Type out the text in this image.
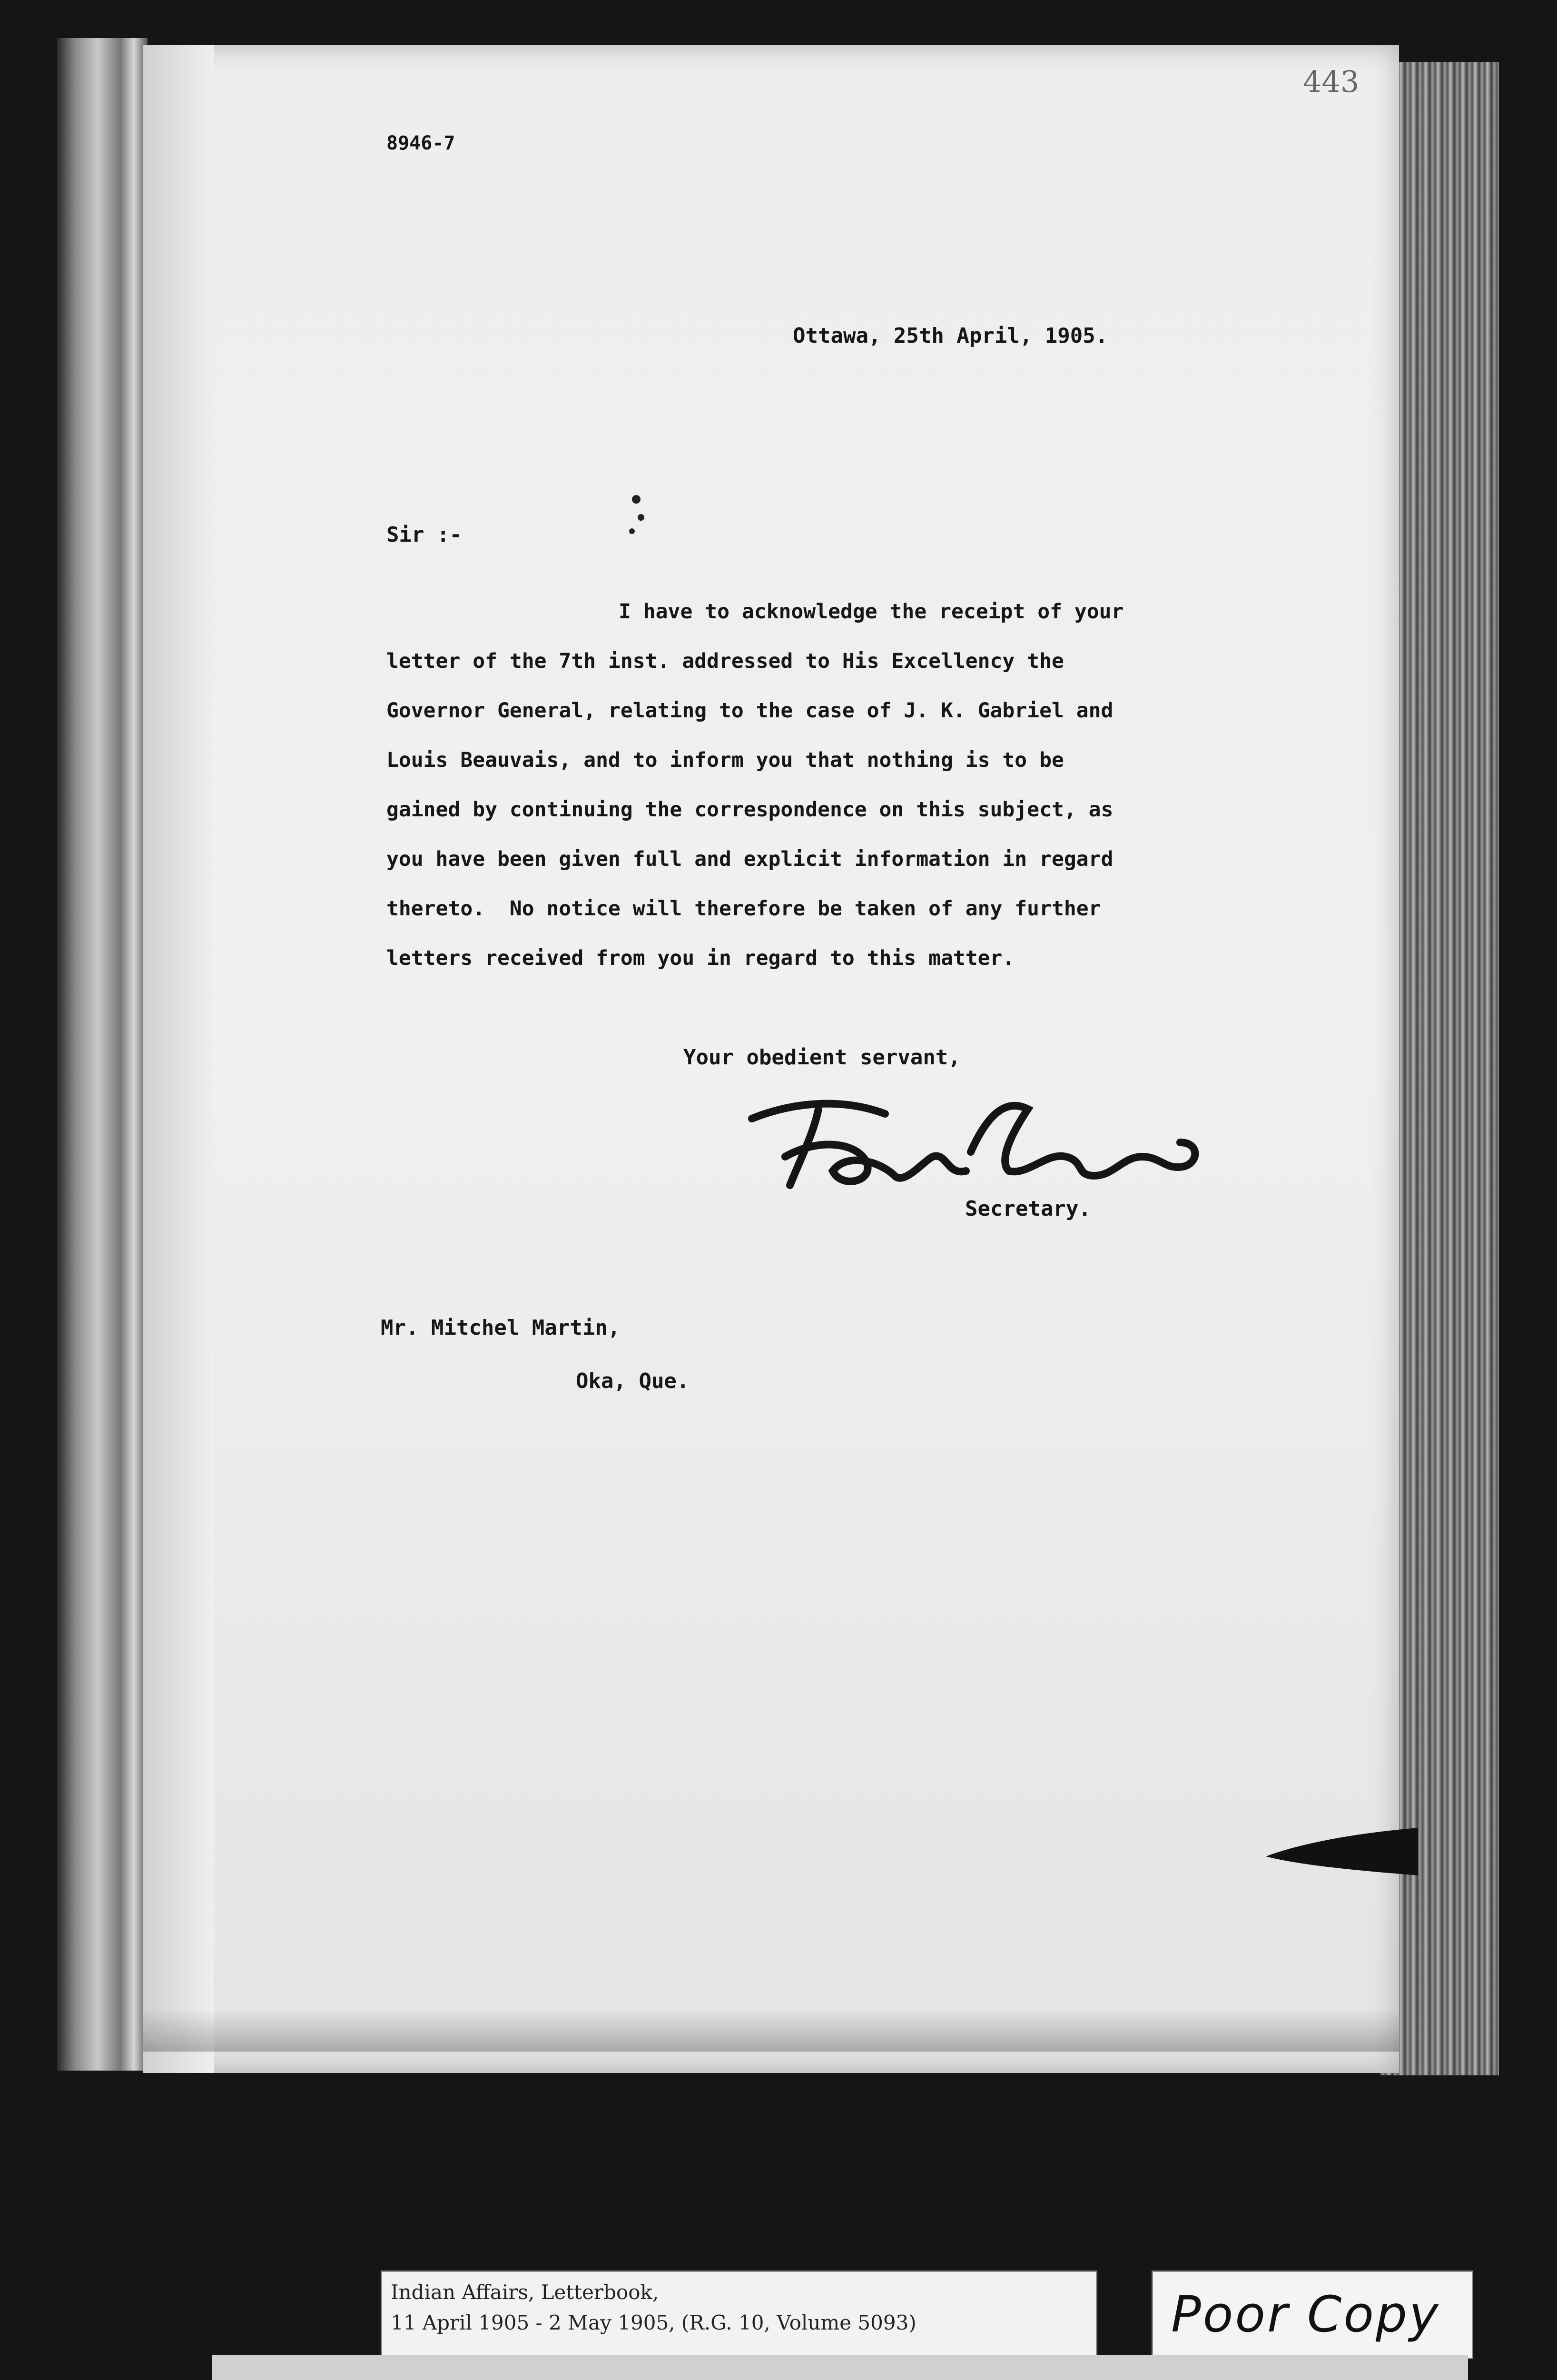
443
8946-7
Ottawa, 25th April, 1905.
Sir :-
I have to acknowledge the receipt of your
letter of the 7th inst. addressed to His Excellency the
Governor General, relating to the case of J. K. Gabriel and
Louis Beauvais, and to inform you that nothing is to be
gained by continuing the correspondence on this subject, as
you have been given full and explicit information in regard
thereto.  No notice will therefore be taken of any further
letters received from you in regard to this matter.
Your obedient servant,
Secretary.
Mr. Mitchel Martin,
Oka, Que.
Indian Affairs, Letterbook,
11 April 1905 - 2 May 1905, (R.G. 10, Volume 5093)	Poor Copy
